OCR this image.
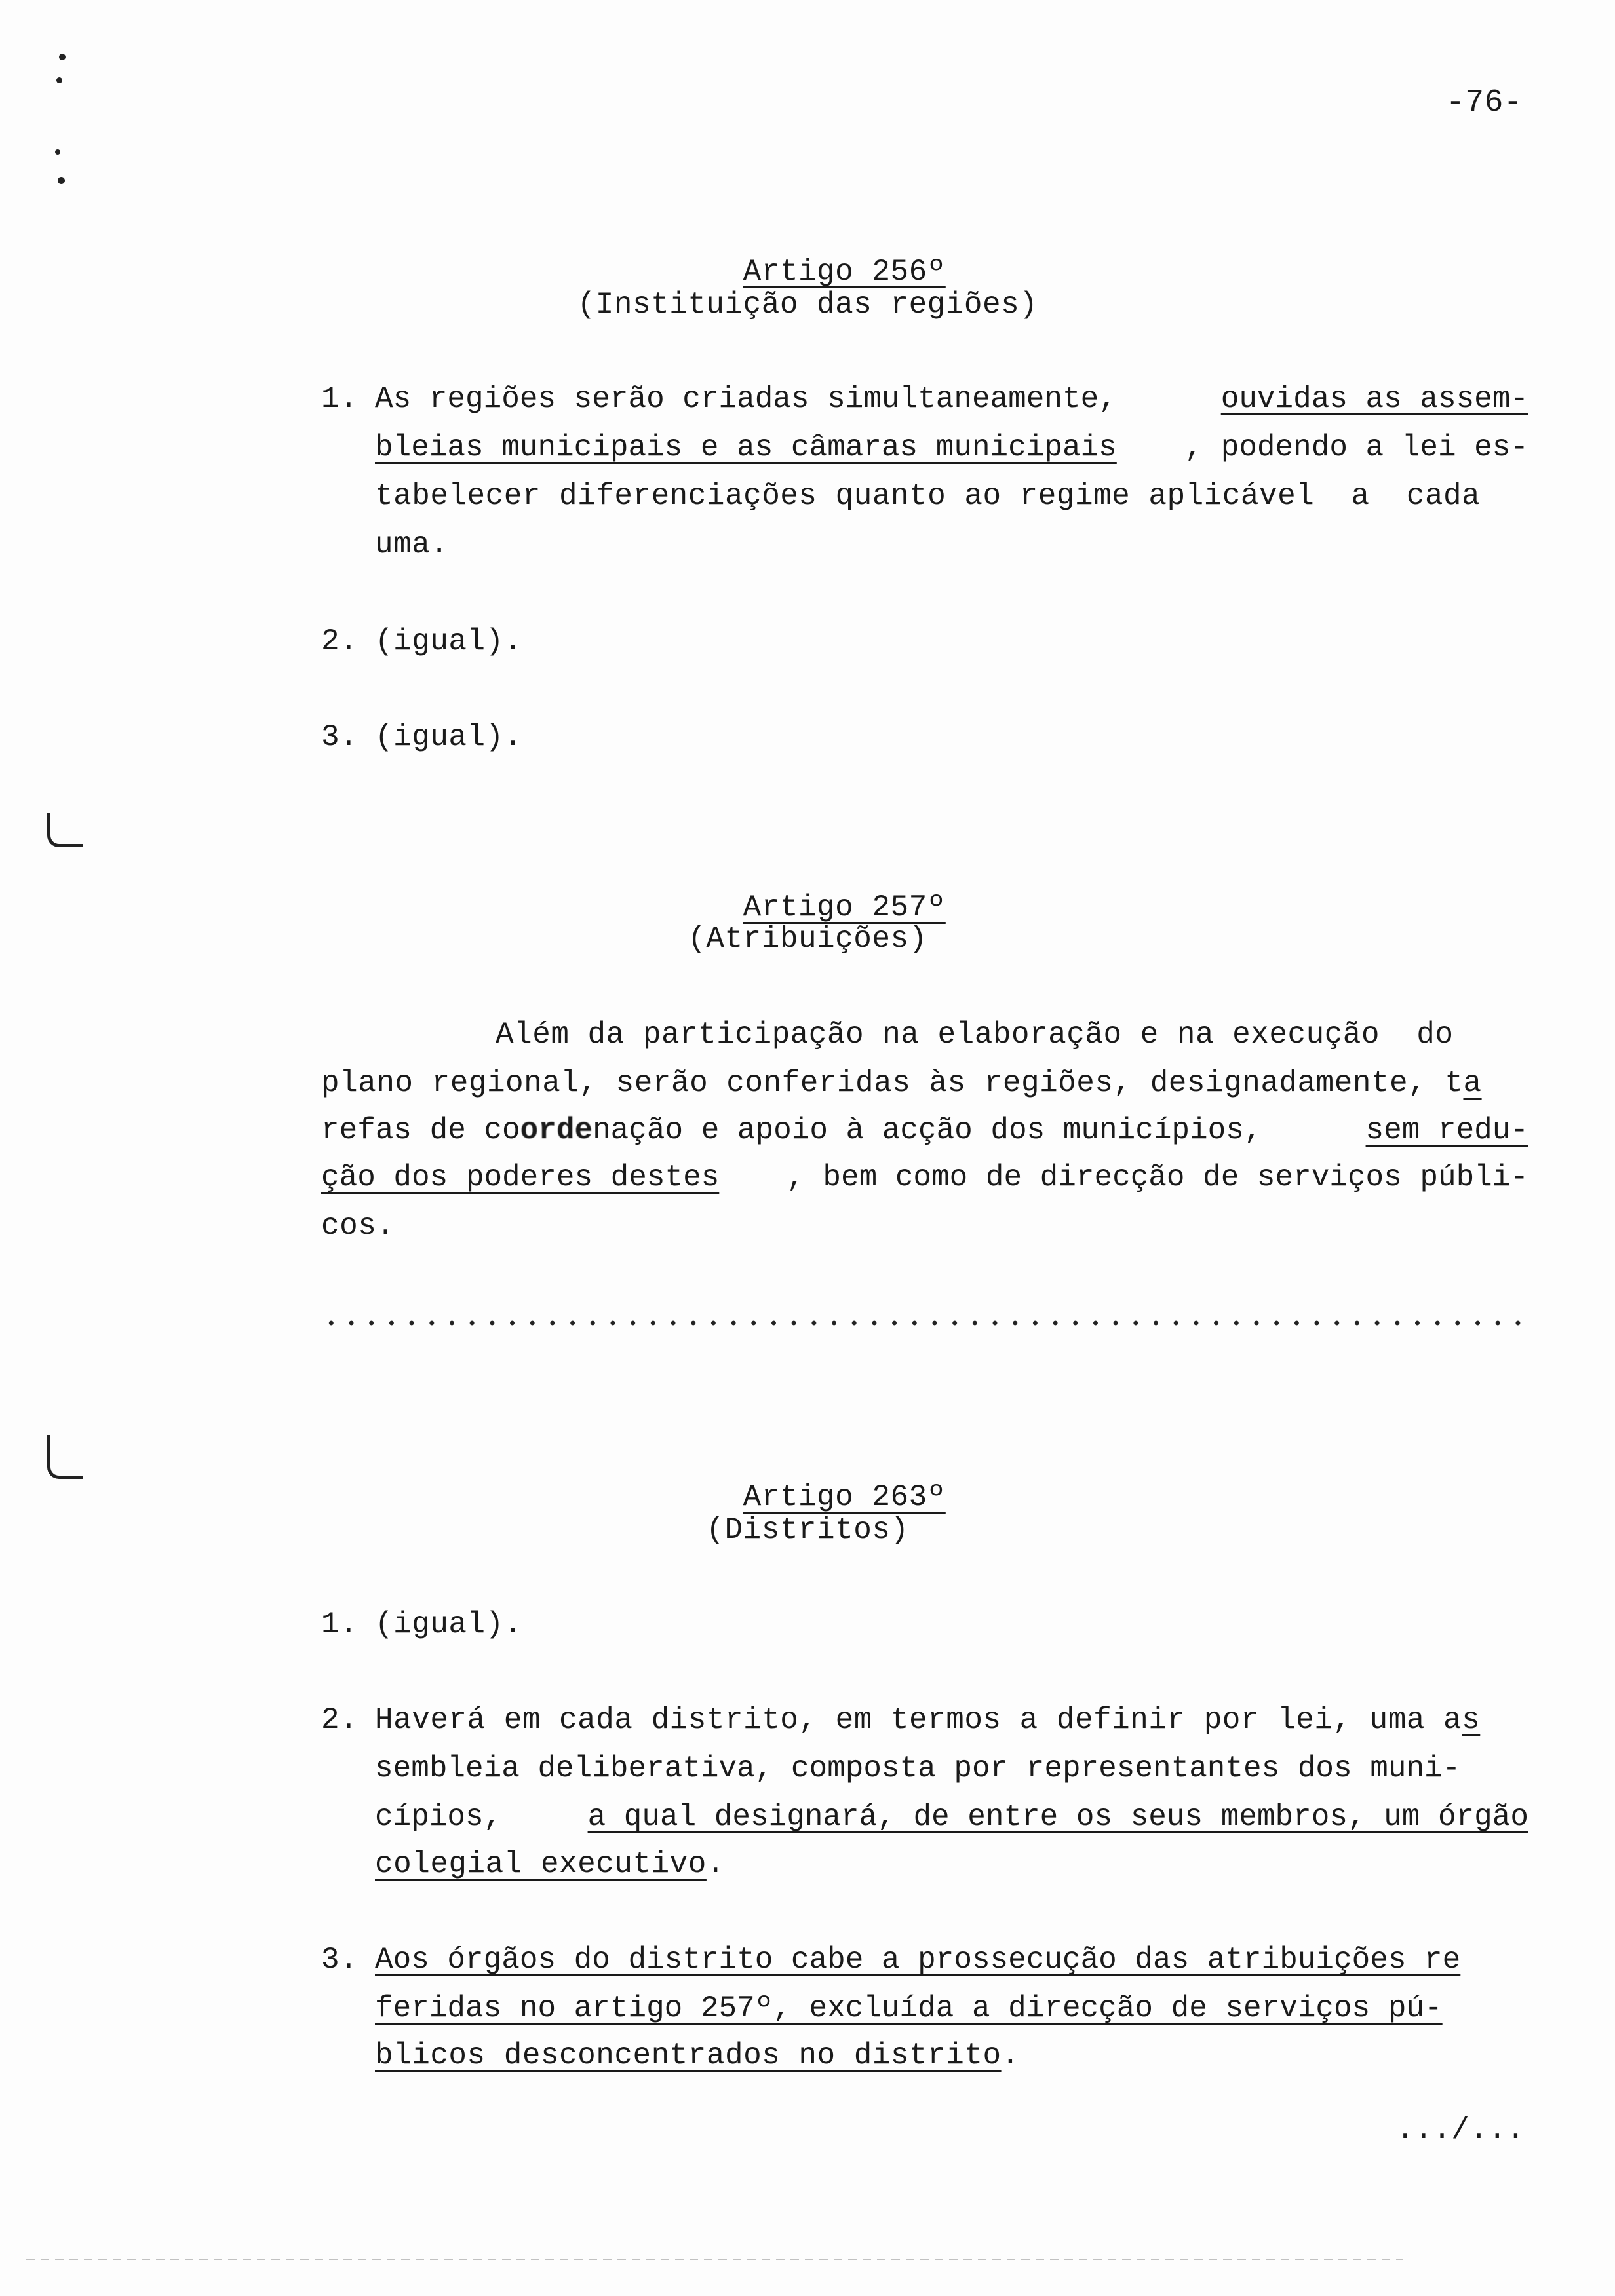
-76-

Artigo 256º

(Instituição das regiões)
1. As regiões serão criadas simultaneamente,	ouvidas as assem-
bleias municipais e as câmaras municipais , podendo a lei es-
tabelecer diferenciações quanto ao regime aplicável  a  cada
uma.
2. (igual).
3. (igual).

Artigo 257º

(Atribuições)
Além da participação na elaboração e na execução  do
plano regional, serão conferidas às regiões, designadamente, ta
refas de coordenação e apoio à acção dos municípios,	sem redu-
ção dos poderes destes , bem como de direcção de serviços públi-
cos.

Artigo 263º

(Distritos)
1. (igual).
2. Haverá em cada distrito, em termos a definir por lei, uma as
sembleia deliberativa, composta por representantes dos muni-
cípios,	a qual designará, de entre os seus membros, um órgão
colegial executivo.
3. Aos órgãos do distrito cabe a prossecução das atribuições re
feridas no artigo 257º, excluída a direcção de serviços pú-
blicos desconcentrados no distrito.
.../...
